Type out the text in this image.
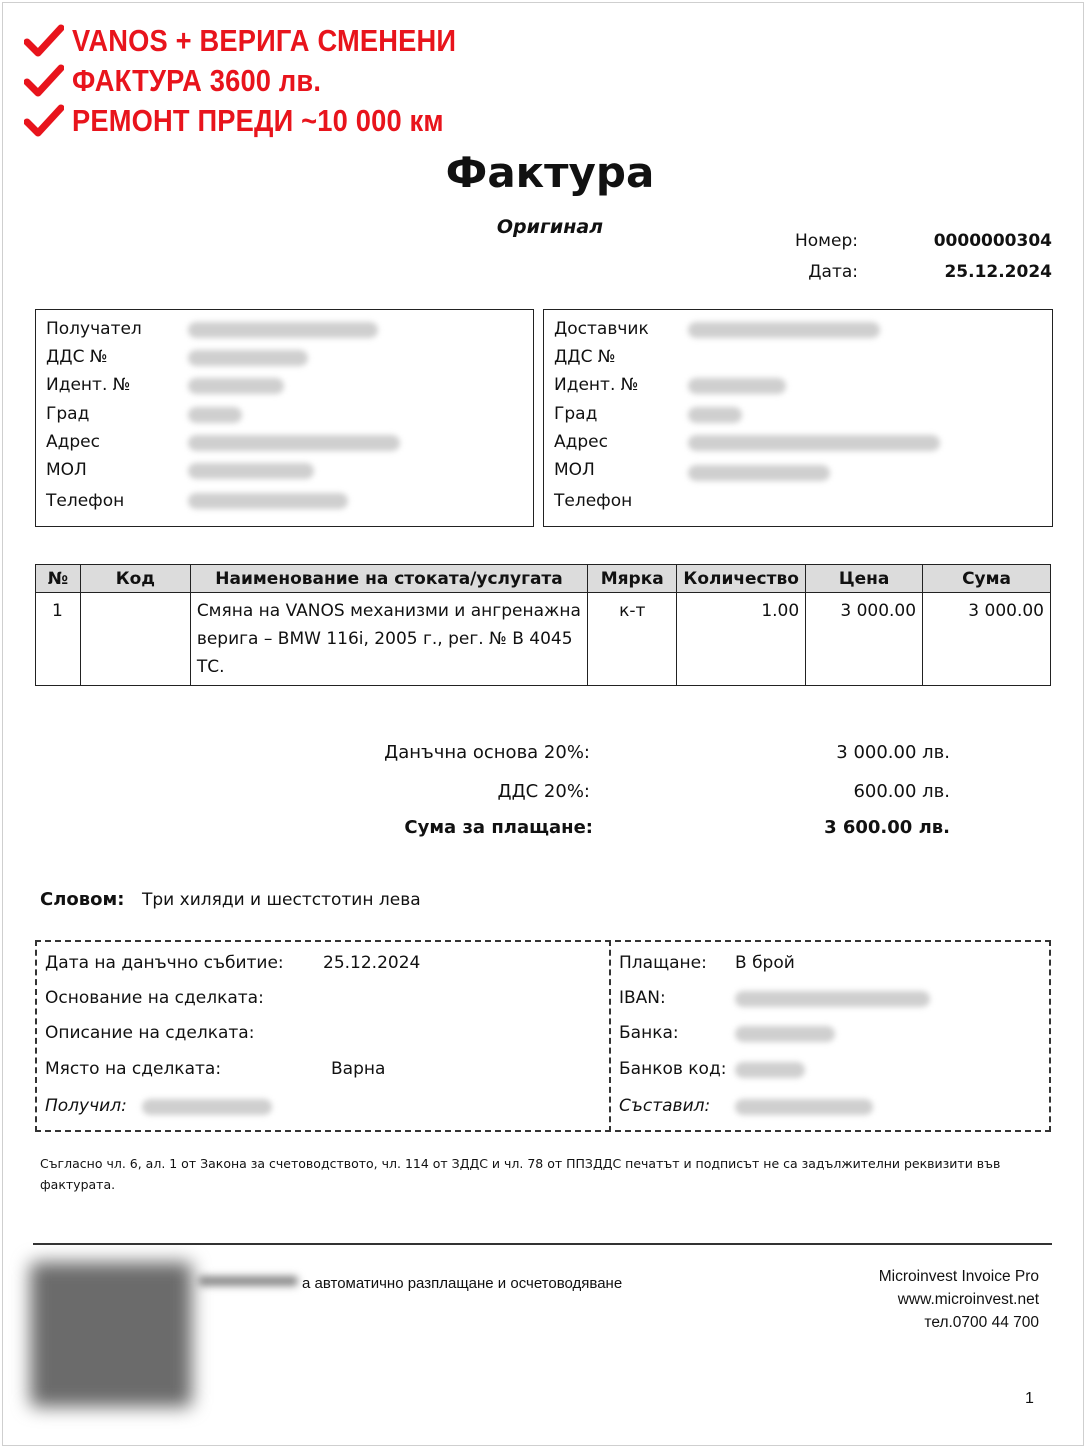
VANOS + ВЕРИГА СМЕНЕНИ
ФАКТУРА 3600 лв.
РЕМОНТ ПРЕДИ ~10 000 км
Фактура
Оригинал
Номер:	0000000304
Дата:	25.12.2024
Получател
ДДС №
Идент. №
Град
Адрес
МОЛ
Телефон
Доставчик
ДДС №
Идент. №
Град
Адрес
МОЛ
Телефон
№	Код	Наименование на стоката/услугата	Мярка	Количество	Цена	Сума
1		Смяна на VANOS механизми и ангренажна верига – BMW 116i, 2005 г., рег. № В 4045 ТС.	к-т	1.00	3 000.00	3 000.00
Данъчна основа 20%:	3 000.00 лв.
ДДС 20%:	600.00 лв.
Сума за плащане:	3 600.00 лв.
Словом: Три хиляди и шестстотин лева
Дата на данъчно събитие: 25.12.2024
Основание на сделката:
Описание на сделката:
Място на сделката:	Варна
Получил:
Плащане: В брой
IBAN:
Банка:
Банков код:
Съставил:
Съгласно чл. 6, ал. 1 от Закона за счетоводството, чл. 114 от ЗДДС и чл. 78 от ППЗДДС печатът и подписът не са задължителни реквизити във фактурата.
а автоматично разплащане и осчетоводяване	Microinvest Invoice Pro
www.microinvest.net
тел.0700 44 700
1
